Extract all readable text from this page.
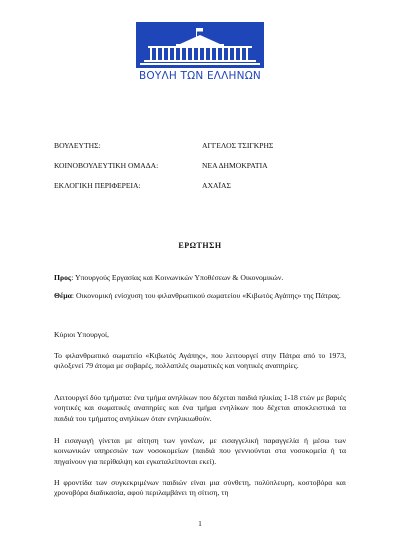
ΒΟΥΛΗ ΤΩΝ ΕΛΛΗΝΩΝ
ΒΟΥΛΕΥΤΗΣ:	ΑΓΓΕΛΟΣ ΤΣΙΓΚΡΗΣ
ΚΟΙΝΟΒΟΥΛΕΥΤΙΚΗ ΟΜΑΔΑ:	ΝΕΑ ΔΗΜΟΚΡΑΤΙΑ
ΕΚΛΟΓΙΚΗ ΠΕΡΙΦΕΡΕΙΑ:	ΑΧΑΪΑΣ
ΕΡΩΤΗΣΗ
Προς: Υπουργούς Εργασίας και Κοινωνικών Υποθέσεων & Οικονομικών.
Θέμα: Οικονομική ενίσχυση του φιλανθρωπικού σωματείου «Κιβωτός Αγάπης» της Πάτρας.
Κύριοι Υπουργοί,
Το φιλανθρωπικό σωματείο «Κιβωτός Αγάπης», που λειτουργεί στην Πάτρα από το 1973, φιλοξενεί 79 άτομα με σοβαρές, πολλαπλές σωματικές και νοητικές αναπηρίες.
Λειτουργεί δύο τμήματα: ένα τμήμα ανηλίκων που δέχεται παιδιά ηλικίας 1-18 ετών με βαριές νοητικές και σωματικές αναπηρίες και ένα τμήμα ενηλίκων που δέχεται αποκλειστικά τα παιδιά του τμήματος ανηλίκων όταν ενηλικιωθούν.
Η εισαγωγή γίνεται με αίτηση των γονέων, με εισαγγελική παραγγελία ή μέσω των κοινωνικών υπηρεσιών των νοσοκομείων (παιδιά που γεννιούνται στα νοσοκομεία ή τα πηγαίνουν για περίθαλψη και εγκαταλείπονται εκεί).
Η φροντίδα των συγκεκριμένων παιδιών είναι μια σύνθετη, πολύπλευρη, κοστοβόρα και χρονοβόρα διαδικασία, αφού περιλαμβάνει τη σίτιση, τη
1
